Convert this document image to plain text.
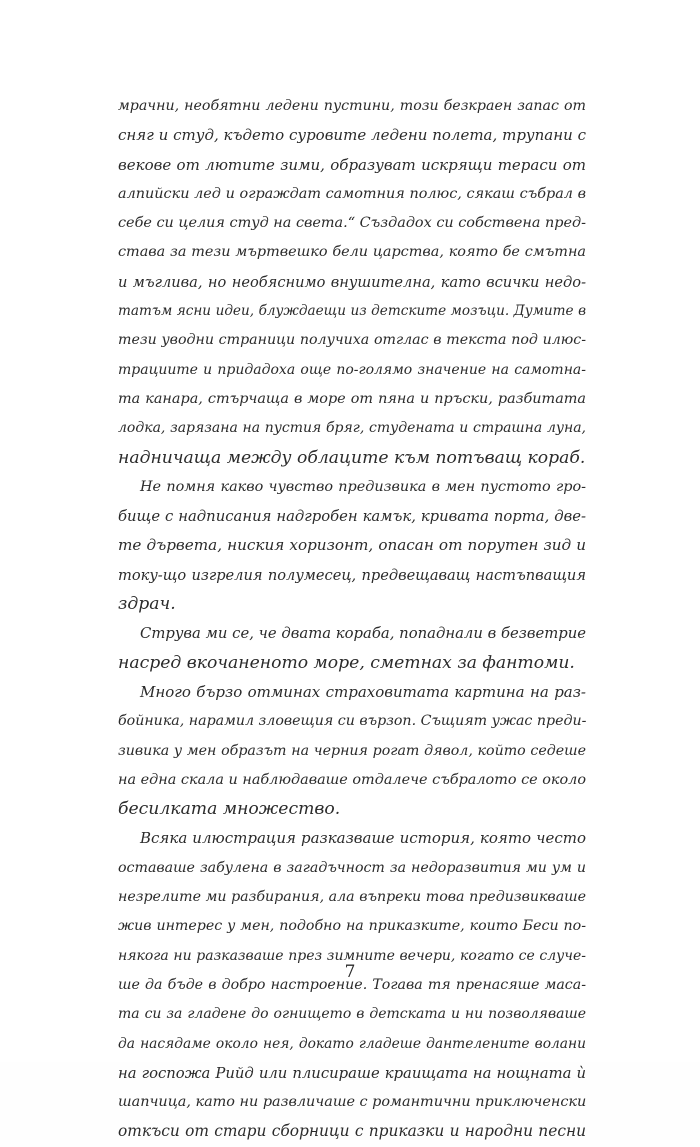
мрачни, необятни ледени пустини, този безкраен запас от
сняг и студ, където суровите ледени полета, трупани с
векове от лютите зими, образуват искрящи тераси от
алпийски лед и ограждат самотния полюс, сякаш събрал в
себе си целия студ на света.“ Създадох си собствена пред-
става за тези мъртвешко бели царства, която бе смътна
и мъглива, но необяснимо внушителна, като всички недо-
татъм ясни идеи, блуждаещи из детските мозъци. Думите в
тези уводни страници получиха отглас в текста под илюс-
трациите и придадоха още по-голямо значение на самотна-
та канара, стърчаща в море от пяна и пръски, разбитата
лодка, зарязана на пустия бряг, студената и страшна луна,
надничаща между облаците към потъващ кораб.
Не помня какво чувство предизвика в мен пустото гро-
бище с надписания надгробен камък, кривата порта, две-
те дървета, ниския хоризонт, опасан от порутен зид и
току-що изгрелия полумесец, предвещаващ настъпващия
здрач.
Струва ми се, че двата кораба, попаднали в безветрие
насред вкочаненото море, сметнах за фантоми.
Много бързо отминах страховитата картина на раз-
бойника, нарамил зловещия си вързоп. Същият ужас преди-
зивика у мен образът на черния рогат дявол, който седеше
на една скала и наблюдаваше отдалече събралото се около
бесилката множество.
Всяка илюстрация разказваше история, която често
оставаше забулена в загадъчност за недоразвития ми ум и
незрелите ми разбирания, ала въпреки това предизвикваше
жив интерес у мен, подобно на приказките, които Беси по-
някога ни разказваше през зимните вечери, когато се случе-
ше да бъде в добро настроение. Тогава тя пренасяше маса-
та си за гладене до огнището в детската и ни позволяваше
да насядаме около нея, докато гладеше дантелените волани
на госпожа Рийд или плисираше краищата на нощната ѝ
шапчица, като ни развличаше с романтични приключенски
откъси от стари сборници с приказки и народни песни
7
